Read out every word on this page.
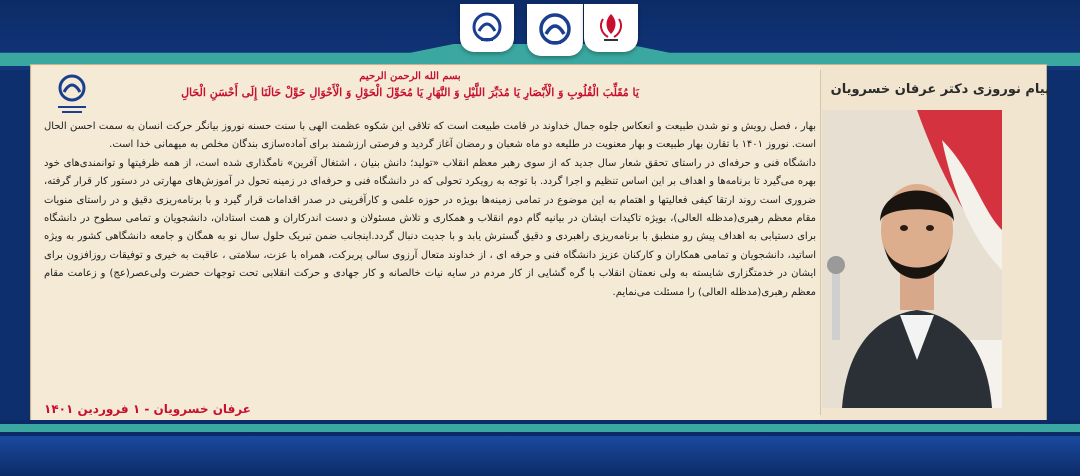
بسم الله الرحمن الرحیم
یَا مُقَلِّبَ الْقُلُوبِ وَ الْأَبْصَارِ یَا مُدَبِّرَ اللَّیْلِ وَ النَّهَارِ یَا مُحَوِّلَ الْحَوْلِ وَ الْأَحْوَالِ حَوِّلْ حَالَنَا إِلَی أَحْسَنِ الْحَالِ

بهار ، فصل رویش و نو شدن طبیعت و انعکاس جلوه جمال خداوند در قامت طبیعت است که تلاقی این شکوه عظمت الهی با سنت حسنه نوروز بیانگر حرکت انسان به سمت احسن الحال است. نوروز ۱۴۰۱ با تقارن بهار طبیعت و بهار معنویت در طلیعه دو ماه شعبان و رمضان آغاز گردید و فرصتی ارزشمند برای آماده‌سازی بندگان مخلص به میهمانی خدا است.

دانشگاه فنی و حرفه‌ای در راستای تحقق شعار سال جدید که از سوی رهبر معظم انقلاب «تولید؛ دانش بنیان ، اشتغال آفرین» نامگذاری شده است، از همه ظرفیتها و توانمندی‌های خود بهره می‌گیرد تا برنامه‌ها و اهداف بر این اساس تنظیم و اجرا گردد. با توجه به رویکرد تحولی که در دانشگاه فنی و حرفه‌ای در زمینه تحول در آموزش‌های مهارتی در دستور کار قرار گرفته، ضروری است روند ارتقا کیفی فعالیتها و اهتمام به این موضوع در تمامی زمینه‌ها بویژه در حوزه علمی و کارآفرینی در صدر اقدامات قرار گیرد و با برنامه‌ریزی دقیق و در راستای منویات مقام معظم رهبری(مدظله العالی)، بویژه تاکیدات ایشان در بیانیه گام دوم انقلاب و همکاری و تلاش مسئولان و دست اندرکاران و همت استادان، دانشجویان و تمامی سطوح در دانشگاه برای دستیابی به اهداف پیش رو منطبق با برنامه‌ریزی راهبردی و دقیق گسترش یابد و با جدیت دنبال گردد.اینجانب ضمن تبریک حلول سال نو به همگان و جامعه دانشگاهی کشور به ویژه اساتید، دانشجویان و تمامی همکاران و کارکنان عزیز دانشگاه فنی و حرفه ای ، از خداوند متعال آرزوی سالی پربرکت، همراه با عزت، سلامتی ، عاقبت به خیری و توفیقات روزافزون برای ایشان در خدمتگزاری شایسته به ولی نعمتان انقلاب با گره گشایی از کار مردم در سایه نیات خالصانه و کار جهادی و حرکت انقلابی تحت توجهات حضرت ولی‌عصر(عج) و زعامت مقام معظم رهبری(مدظله العالی) را مسئلت می‌نمایم.

عرفان خسرویان - ۱ فروردین ۱۴۰۱
پیام نوروزی دکتر عرفان خسرویان
